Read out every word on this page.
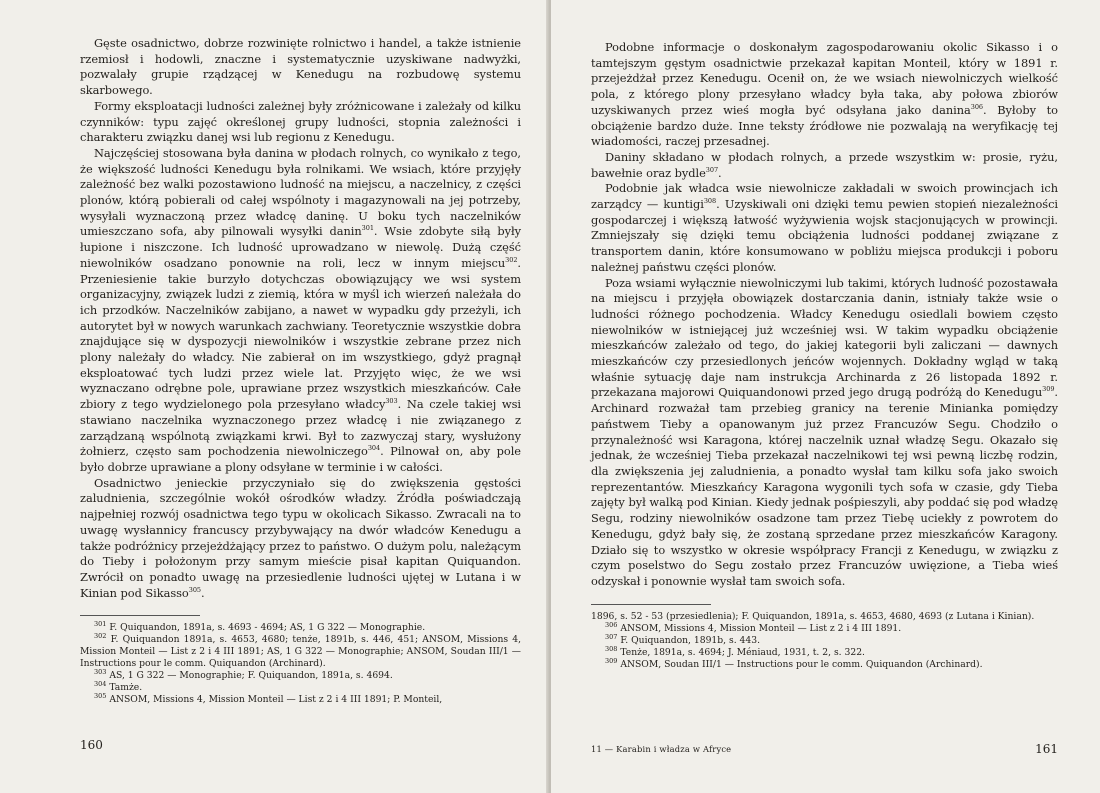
Gęste osadnictwo, dobrze rozwinięte rolnictwo i handel, a także istnienie rzemiosł i hodowli, znaczne i systematycznie uzyskiwane nadwyżki, pozwalały grupie rządzącej w Kenedugu na rozbudowę systemu skarbowego.

Formy eksploatacji ludności zależnej były zróżnicowane i zależały od kilku czynników: typu zajęć określonej grupy ludności, stopnia zależności i charakteru związku danej wsi lub regionu z Kenedugu.

Najczęściej stosowana była danina w płodach rolnych, co wynikało z tego, że większość ludności Kenedugu była rolnikami. We wsiach, które przyjęły zależność bez walki pozostawiono ludność na miejscu, a naczelnicy, z części plonów, którą pobierali od całej wspólnoty i magazynowali na jej potrzeby, wysyłali wyznaczoną przez władcę daninę. U boku tych naczelników umieszczano sofa, aby pilnowali wysyłki danin$^{301}$. Wsie zdobyte siłą były łupione i niszczone. Ich ludność uprowadzano w niewolę. Dużą część niewolników osadzano ponownie na roli, lecz w innym miejscu$^{302}$. Przeniesienie takie burzyło dotychczas obowiązujący we wsi system organizacyjny, związek ludzi z ziemią, która w myśl ich wierzeń należała do ich przodków. Naczelników zabijano, a nawet w wypadku gdy przeżyli, ich autorytet był w nowych warunkach zachwiany. Teoretycznie wszystkie dobra znajdujące się w dyspozycji niewolników i wszystkie zebrane przez nich plony należały do władcy. Nie zabierał on im wszystkiego, gdyż pragnął eksploatować tych ludzi przez wiele lat. Przyjęto więc, że we wsi wyznaczano odrębne pole, uprawiane przez wszystkich mieszkańców. Całe zbiory z tego wydzielonego pola przesyłano władcy$^{303}$. Na czele takiej wsi stawiano naczelnika wyznaczonego przez władcę i nie związanego z zarządzaną wspólnotą związkami krwi. Był to zazwyczaj stary, wysłużony żołnierz, często sam pochodzenia niewolniczego$^{304}$. Pilnował on, aby pole było dobrze uprawiane a plony odsyłane w terminie i w całości.

Osadnictwo jenieckie przyczyniało się do zwiększenia gęstości zaludnienia, szczególnie wokół ośrodków władzy. Źródła poświadczają najpełniej rozwój osadnictwa tego typu w okolicach Sikasso. Zwracali na to uwagę wysłannicy francuscy przybywający na dwór władców Kenedugu a także podróżnicy przejeżdżający przez to państwo. O dużym polu, należącym do Tieby i położonym przy samym mieście pisał kapitan Quiquandon. Zwrócił on ponadto uwagę na przesiedlenie ludności ujętej w Lutana i w Kinian pod Sikasso$^{305}$.

$^{301}$ F. Quiquandon, 1891a, s. 4693 - 4694; AS, 1 G 322 — Monographie.

$^{302}$ F. Quiquandon 1891a, s. 4653, 4680; tenże, 1891b, s. 446, 451; ANSOM, Missions 4, Mission Monteil — List z 2 i 4 III 1891; AS, 1 G 322 — Monographie; ANSOM, Soudan III/1 — Instructions pour le comm. Quiquandon (Archinard).

$^{303}$ AS, 1 G 322 — Monographie; F. Quiquandon, 1891a, s. 4694.

$^{304}$ Tamże.

$^{305}$ ANSOM, Missions 4, Mission Monteil — List z 2 i 4 III 1891; P. Monteil,

160

Podobne informacje o doskonałym zagospodarowaniu okolic Sikasso i o tamtejszym gęstym osadnictwie przekazał kapitan Monteil, który w 1891 r. przejeżdżał przez Kenedugu. Ocenił on, że we wsiach niewolniczych wielkość pola, z którego plony przesyłano władcy była taka, aby połowa zbiorów uzyskiwanych przez wieś mogła być odsyłana jako danina$^{306}$. Byłoby to obciążenie bardzo duże. Inne teksty źródłowe nie pozwalają na weryfikację tej wiadomości, raczej przesadnej.

Daniny składano w płodach rolnych, a przede wszystkim w: prosie, ryżu, bawełnie oraz bydle$^{307}$.

Podobnie jak władca wsie niewolnicze zakładali w swoich prowincjach ich zarządcy — kuntigi$^{308}$. Uzyskiwali oni dzięki temu pewien stopień niezależności gospodarczej i większą łatwość wyżywienia wojsk stacjonujących w prowincji. Zmniejszały się dzięki temu obciążenia ludności poddanej związane z transportem danin, które konsumowano w pobliżu miejsca produkcji i poboru należnej państwu części plonów.

Poza wsiami wyłącznie niewolniczymi lub takimi, których ludność pozostawała na miejscu i przyjęła obowiązek dostarczania danin, istniały także wsie o ludności różnego pochodzenia. Władcy Kenedugu osiedlali bowiem często niewolników w istniejącej już wcześniej wsi. W takim wypadku obciążenie mieszkańców zależało od tego, do jakiej kategorii byli zaliczani — dawnych mieszkańców czy przesiedlonych jeńców wojennych. Dokładny wgląd w taką właśnie sytuację daje nam instrukcja Archinarda z 26 listopada 1892 r. przekazana majorowi Quiquandonowi przed jego drugą podróżą do Kenedugu$^{309}$. Archinard rozważał tam przebieg granicy na terenie Minianka pomiędzy państwem Tieby a opanowanym już przez Francuzów Segu. Chodziło o przynależność wsi Karagona, której naczelnik uznał władzę Segu. Okazało się jednak, że wcześniej Tieba przekazał naczelnikowi tej wsi pewną liczbę rodzin, dla zwiększenia jej zaludnienia, a ponadto wysłał tam kilku sofa jako swoich reprezentantów. Mieszkańcy Karagona wygonili tych sofa w czasie, gdy Tieba zajęty był walką pod Kinian. Kiedy jednak pośpieszyli, aby poddać się pod władzę Segu, rodziny niewolników osadzone tam przez Tiebę uciekły z powrotem do Kenedugu, gdyż bały się, że zostaną sprzedane przez mieszkańców Karagony. Działo się to wszystko w okresie współpracy Francji z Kenedugu, w związku z czym poselstwo do Segu zostało przez Francuzów uwięzione, a Tieba wieś odzyskał i ponownie wysłał tam swoich sofa.

1896, s. 52 - 53 (przesiedlenia); F. Quiquandon, 1891a, s. 4653, 4680, 4693 (z Lutana i Kinian).

$^{306}$ ANSOM, Missions 4, Mission Monteil — List z 2 i 4 III 1891.

$^{307}$ F. Quiquandon, 1891b, s. 443.

$^{308}$ Tenże, 1891a, s. 4694; J. Méniaud, 1931, t. 2, s. 322.

$^{309}$ ANSOM, Soudan III/1 — Instructions pour le comm. Quiquandon (Archinard).

11 — Karabin i władza w Afryce	161
